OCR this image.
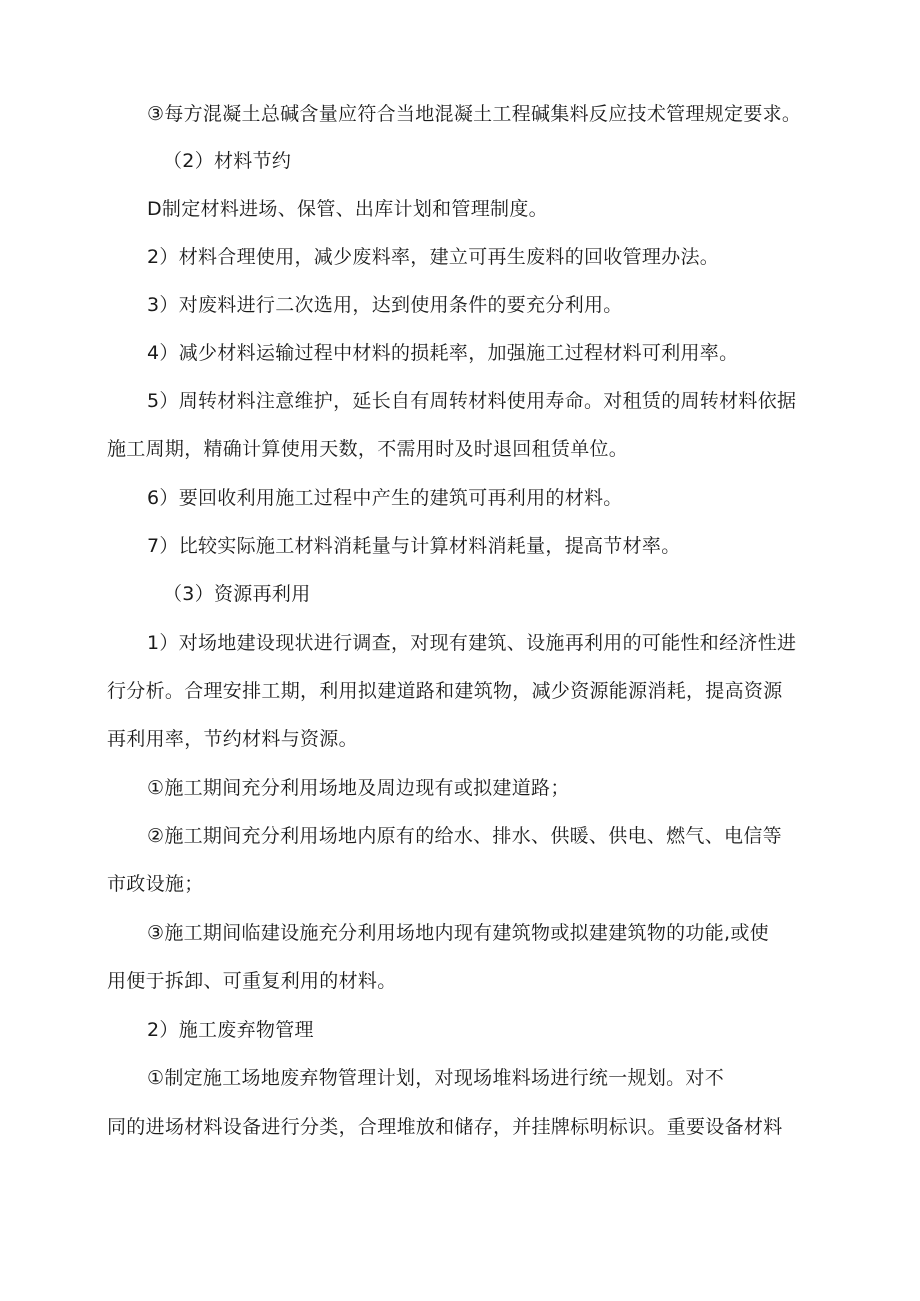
③每方混凝土总碱含量应符合当地混凝土工程碱集料反应技术管理规定要求。

（2）材料节约

D制定材料进场、保管、出库计划和管理制度。

2）材料合理使用，减少废料率，建立可再生废料的回收管理办法。

3）对废料进行二次选用，达到使用条件的要充分利用。

4）减少材料运输过程中材料的损耗率，加强施工过程材料可利用率。

5）周转材料注意维护，延长自有周转材料使用寿命。对租赁的周转材料依据

施工周期，精确计算使用天数，不需用时及时退回租赁单位。

6）要回收利用施工过程中产生的建筑可再利用的材料。

7）比较实际施工材料消耗量与计算材料消耗量，提高节材率。

（3）资源再利用

1）对场地建设现状进行调查，对现有建筑、设施再利用的可能性和经济性进

行分析。合理安排工期，利用拟建道路和建筑物，减少资源能源消耗，提高资源

再利用率，节约材料与资源。

①施工期间充分利用场地及周边现有或拟建道路；

②施工期间充分利用场地内原有的给水、排水、供暖、供电、燃气、电信等

市政设施；

③施工期间临建设施充分利用场地内现有建筑物或拟建建筑物的功能,或使

用便于拆卸、可重复利用的材料。

2）施工废弃物管理

①制定施工场地废弃物管理计划，对现场堆料场进行统一规划。对不

同的进场材料设备进行分类，合理堆放和储存，并挂牌标明标识。重要设备材料
